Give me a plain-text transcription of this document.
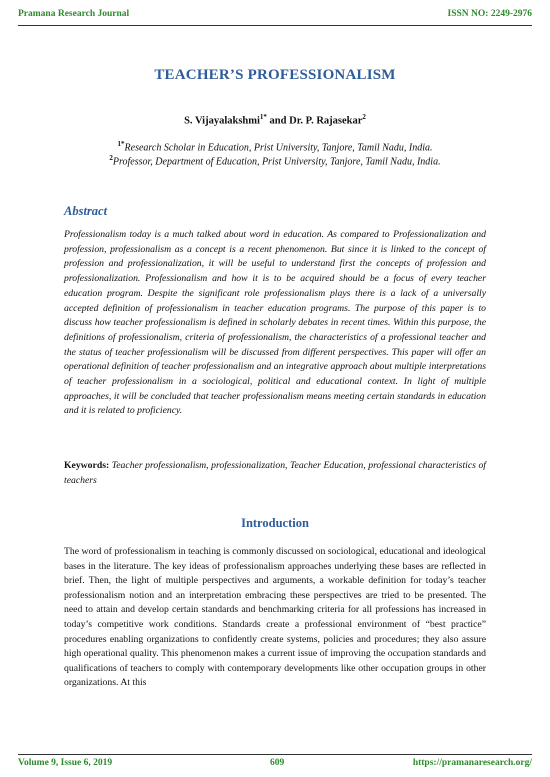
Pramana Research Journal	ISSN NO: 2249-2976
TEACHER’S PROFESSIONALISM
S. Vijayalakshmi$^{1*}$ and Dr. P. Rajasekar$^2$
$^{1*}$Research Scholar in Education, Prist University, Tanjore, Tamil Nadu, India.
$^2$Professor, Department of Education, Prist University, Tanjore, Tamil Nadu, India.
Abstract
Professionalism today is a much talked about word in education. As compared to Professionalization and profession, professionalism as a concept is a recent phenomenon. But since it is linked to the concept of profession and professionalization, it will be useful to understand first the concepts of profession and professionalization. Professionalism and how it is to be acquired should be a focus of every teacher education program. Despite the significant role professionalism plays there is a lack of a universally accepted definition of professionalism in teacher education programs. The purpose of this paper is to discuss how teacher professionalism is defined in scholarly debates in recent times. Within this purpose, the definitions of professionalism, criteria of professionalism, the characteristics of a professional teacher and the status of teacher professionalism will be discussed from different perspectives. This paper will offer an operational definition of teacher professionalism and an integrative approach about multiple interpretations of teacher professionalism in a sociological, political and educational context. In light of multiple approaches, it will be concluded that teacher professionalism means meeting certain standards in education and it is related to proficiency.
Keywords: Teacher professionalism, professionalization, Teacher Education, professional characteristics of teachers
Introduction
The word of professionalism in teaching is commonly discussed on sociological, educational and ideological bases in the literature. The key ideas of professionalism approaches underlying these bases are reflected in brief. Then, the light of multiple perspectives and arguments, a workable definition for today’s teacher professionalism notion and an interpretation embracing these perspectives are tried to be presented. The need to attain and develop certain standards and benchmarking criteria for all professions has increased in today’s competitive work conditions. Standards create a professional environment of “best practice” procedures enabling organizations to confidently create systems, policies and procedures; they also assure high operational quality. This phenomenon makes a current issue of improving the occupation standards and qualifications of teachers to comply with contemporary developments like other occupation groups in other organizations. At this
Volume 9, Issue 6, 2019	609	https://pramanaresearch.org/
